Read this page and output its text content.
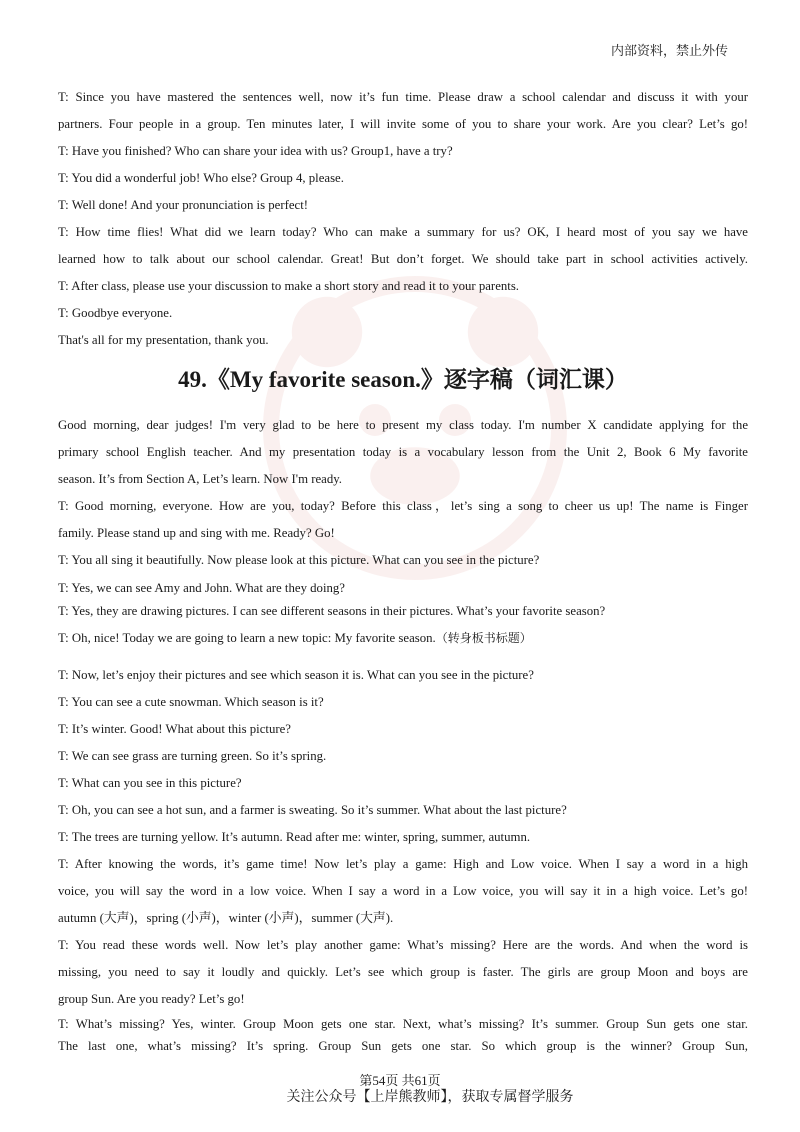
内部资料，禁止外传
T: Since you have mastered the sentences well, now it’s fun time. Please draw a school calendar and discuss it with your
partners. Four people in a group. Ten minutes later, I will invite some of you to share your work. Are you clear? Let’s go!
T: Have you finished? Who can share your idea with us? Group1, have a try?
T: You did a wonderful job! Who else? Group 4, please.
T: Well done! And your pronunciation is perfect!
T: How time flies! What did we learn today? Who can make a summary for us? OK, I heard most of you say we have
learned how to talk about our school calendar. Great! But don’t forget. We should take part in school activities actively.
T: After class, please use your discussion to make a short story and read it to your parents.
T: Goodbye everyone.
That's all for my presentation, thank you.
49.《My favorite season.》逐字稿（词汇课）
Good morning, dear judges! I'm very glad to be here to present my class today. I'm number X candidate applying for the
primary school English teacher. And my presentation today is a vocabulary lesson from the Unit 2, Book 6 My favorite
season. It’s from Section A, Let’s learn. Now I'm ready.
T: Good morning, everyone. How are you, today? Before this class，let’s sing a song to cheer us up! The name is Finger
family. Please stand up and sing with me. Ready? Go!
T: You all sing it beautifully. Now please look at this picture. What can you see in the picture?
T: Yes, we can see Amy and John. What are they doing?
T: Yes, they are drawing pictures. I can see different seasons in their pictures. What’s your favorite season?
T: Oh, nice! Today we are going to learn a new topic: My favorite season.（转身板书标题）
T: Now, let’s enjoy their pictures and see which season it is. What can you see in the picture?
T: You can see a cute snowman. Which season is it?
T: It’s winter. Good! What about this picture?
T: We can see grass are turning green. So it’s spring.
T: What can you see in this picture?
T: Oh, you can see a hot sun, and a farmer is sweating. So it’s summer. What about the last picture?
T: The trees are turning yellow. It’s autumn. Read after me: winter, spring, summer, autumn.
T: After knowing the words, it’s game time! Now let’s play a game: High and Low voice. When I say a word in a high
voice, you will say the word in a low voice. When I say a word in a Low voice, you will say it in a high voice. Let’s go!
autumn (大声)，spring (小声)，winter (小声)，summer (大声).
T: You read these words well. Now let’s play another game: What’s missing? Here are the words. And when the word is
missing, you need to say it loudly and quickly. Let’s see which group is faster. The girls are group Moon and boys are
group Sun. Are you ready? Let’s go!
T: What’s missing? Yes, winter. Group Moon gets one star. Next, what’s missing? It’s summer. Group Sun gets one star.
The last one, what’s missing? It’s spring. Group Sun gets one star. So which group is the winner? Group Sun,
第54页 共61页
关注公众号【上岸熊教师】，获取专属督学服务
